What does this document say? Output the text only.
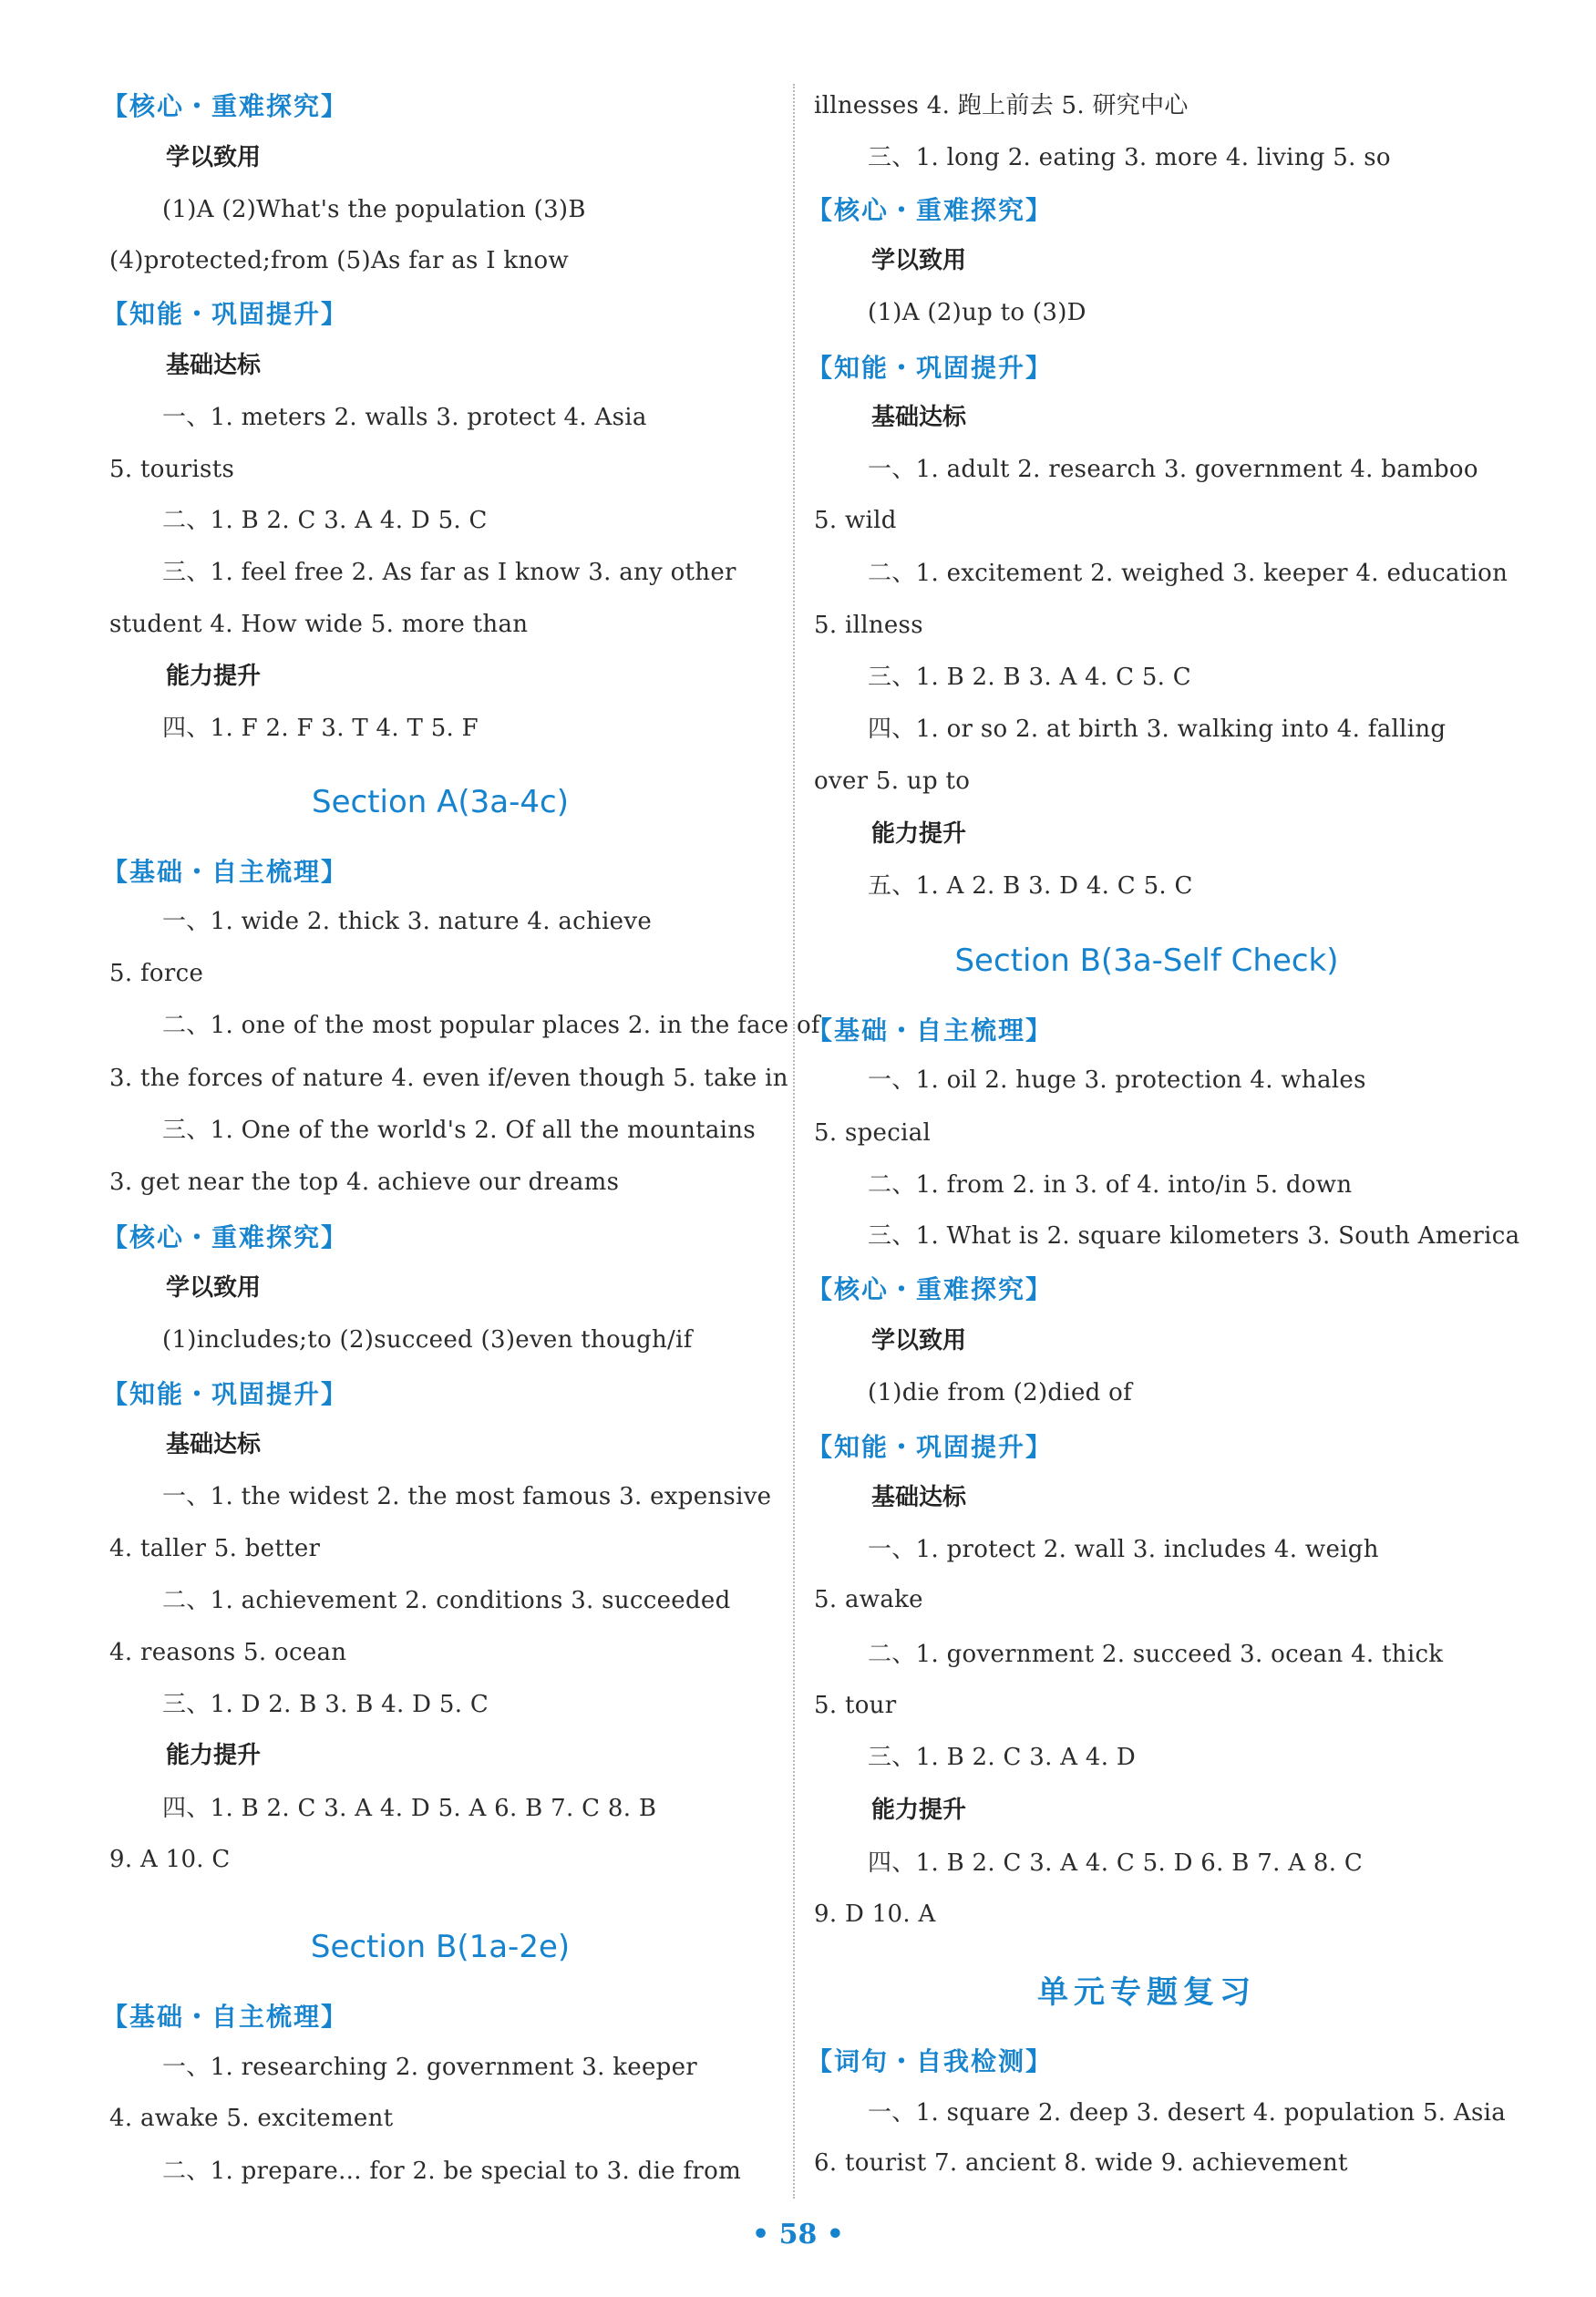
【核心・重难探究】
学以致用
(1)A (2)What's the population (3)B
(4)protected;from (5)As far as I know
【知能・巩固提升】
基础达标
一、1. meters 2. walls 3. protect 4. Asia
5. tourists
二、1. B 2. C 3. A 4. D 5. C
三、1. feel free 2. As far as I know 3. any other
student 4. How wide 5. more than
能力提升
四、1. F 2. F 3. T 4. T 5. F
Section A(3a-4c)
【基础・自主梳理】
一、1. wide 2. thick 3. nature 4. achieve
5. force
二、1. one of the most popular places 2. in the face of
3. the forces of nature 4. even if/even though 5. take in
三、1. One of the world's 2. Of all the mountains
3. get near the top 4. achieve our dreams
【核心・重难探究】
学以致用
(1)includes;to (2)succeed (3)even though/if
【知能・巩固提升】
基础达标
一、1. the widest 2. the most famous 3. expensive
4. taller 5. better
二、1. achievement 2. conditions 3. succeeded
4. reasons 5. ocean
三、1. D 2. B 3. B 4. D 5. C
能力提升
四、1. B 2. C 3. A 4. D 5. A 6. B 7. C 8. B
9. A 10. C
Section B(1a-2e)
【基础・自主梳理】
一、1. researching 2. government 3. keeper
4. awake 5. excitement
二、1. prepare... for 2. be special to 3. die from
illnesses 4. 跑上前去 5. 研究中心
三、1. long 2. eating 3. more 4. living 5. so
【核心・重难探究】
学以致用
(1)A (2)up to (3)D
【知能・巩固提升】
基础达标
一、1. adult 2. research 3. government 4. bamboo
5. wild
二、1. excitement 2. weighed 3. keeper 4. education
5. illness
三、1. B 2. B 3. A 4. C 5. C
四、1. or so 2. at birth 3. walking into 4. falling
over 5. up to
能力提升
五、1. A 2. B 3. D 4. C 5. C
Section B(3a-Self Check)
【基础・自主梳理】
一、1. oil 2. huge 3. protection 4. whales
5. special
二、1. from 2. in 3. of 4. into/in 5. down
三、1. What is 2. square kilometers 3. South America
【核心・重难探究】
学以致用
(1)die from (2)died of
【知能・巩固提升】
基础达标
一、1. protect 2. wall 3. includes 4. weigh
5. awake
二、1. government 2. succeed 3. ocean 4. thick
5. tour
三、1. B 2. C 3. A 4. D
能力提升
四、1. B 2. C 3. A 4. C 5. D 6. B 7. A 8. C
9. D 10. A
单元专题复习
【词句・自我检测】
一、1. square 2. deep 3. desert 4. population 5. Asia
6. tourist 7. ancient 8. wide 9. achievement
• 58 •
